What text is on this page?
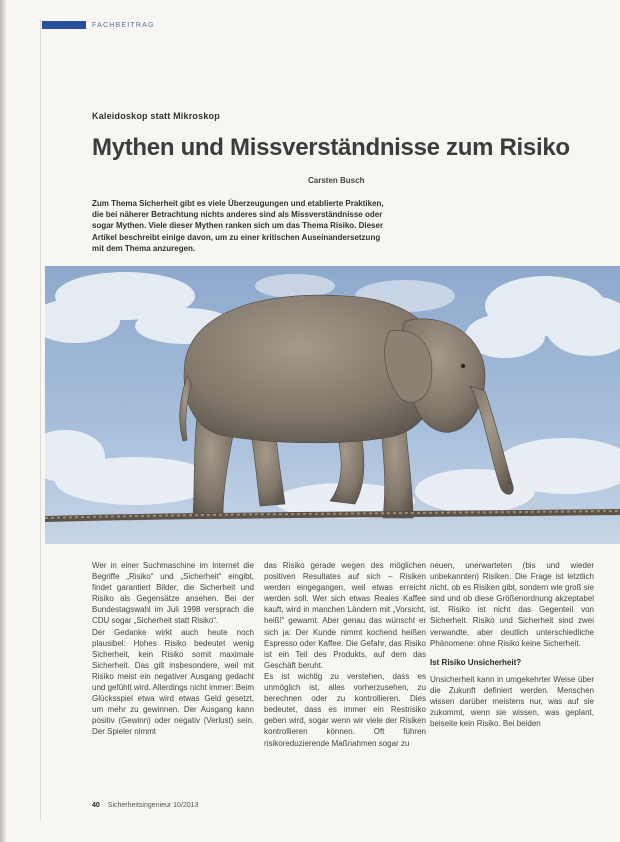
FACHBEITRAG
Kaleidoskop statt Mikroskop
Mythen und Missverständnisse zum Risiko
Carsten Busch

Zum Thema Sicherheit gibt es viele Überzeugungen und etablierte Praktiken, die bei näherer Betrachtung nichts anderes sind als Missverständnisse oder sogar Mythen. Viele dieser Mythen ranken sich um das Thema Risiko. Dieser Artikel beschreibt einige davon, um zu einer kritischen Auseinandersetzung mit dem Thema anzuregen.

Wer in einer Suchmaschine im Internet die Begriffe „Risiko“ und „Sicherheit“ eingibt, findet garantiert Bilder, die Sicherheit und Risiko als Gegensätze ansehen. Bei der Bundestagswahl im Juli 1998 versprach die CDU sogar „Sicherheit statt Risiko“.

Der Gedanke wirkt auch heute noch plausibel: Hohes Risiko bedeutet wenig Sicherheit, kein Risiko somit maximale Sicherheit. Das gilt insbesondere, weil mit Risiko meist ein negativer Ausgang gedacht und gefühlt wird. Allerdings nicht immer: Beim Glücksspiel etwa wird etwas Geld gesetzt, um mehr zu gewinnen. Der Ausgang kann positiv (Gewinn) oder negativ (Verlust) sein. Der Spieler nimmt

das Risiko gerade wegen des möglichen positiven Resultates auf sich – Risiken werden eingegangen, weil etwas erreicht werden soll. Wer sich etwas Reales Kaffee kauft, wird in manchen Ländern mit „Vorsicht, heiß!“ gewarnt. Aber genau das wünscht er sich ja: Der Kunde nimmt kochend heißen Espresso oder Kaffee. Die Gefahr, das Risiko ist ein Teil des Produkts, auf dem das Geschäft beruht.

Es ist wichtig zu verstehen, dass es unmöglich ist, alles vorherzusehen, zu berechnen oder zu kontrollieren. Dies bedeutet, dass es immer ein Restrisiko geben wird, sogar wenn wir viele der Risiken kontrollieren können. Oft führen risikoreduzierende Maßnahmen sogar zu

neuen, unerwarteten (bis und wieder unbekannten) Risiken. Die Frage ist letztlich nicht, ob es Risiken gibt, sondern wie groß sie sind und ob diese Größenordnung akzeptabel ist. Risiko ist nicht das Gegenteil von Sicherheit. Risiko und Sicherheit sind zwei verwandte, aber deutlich unterschiedliche Phänomene: ohne Risiko keine Sicherheit.

Ist Risiko Unsicherheit?

Unsicherheit kann in umgekehrter Weise über die Zukunft definiert werden. Menschen wissen darüber meistens nur, was auf sie zukommt, wenn sie wissen, was geplant, beiseite kein Risiko. Bei beiden

40 Sicherheitsingenieur 10/2013
